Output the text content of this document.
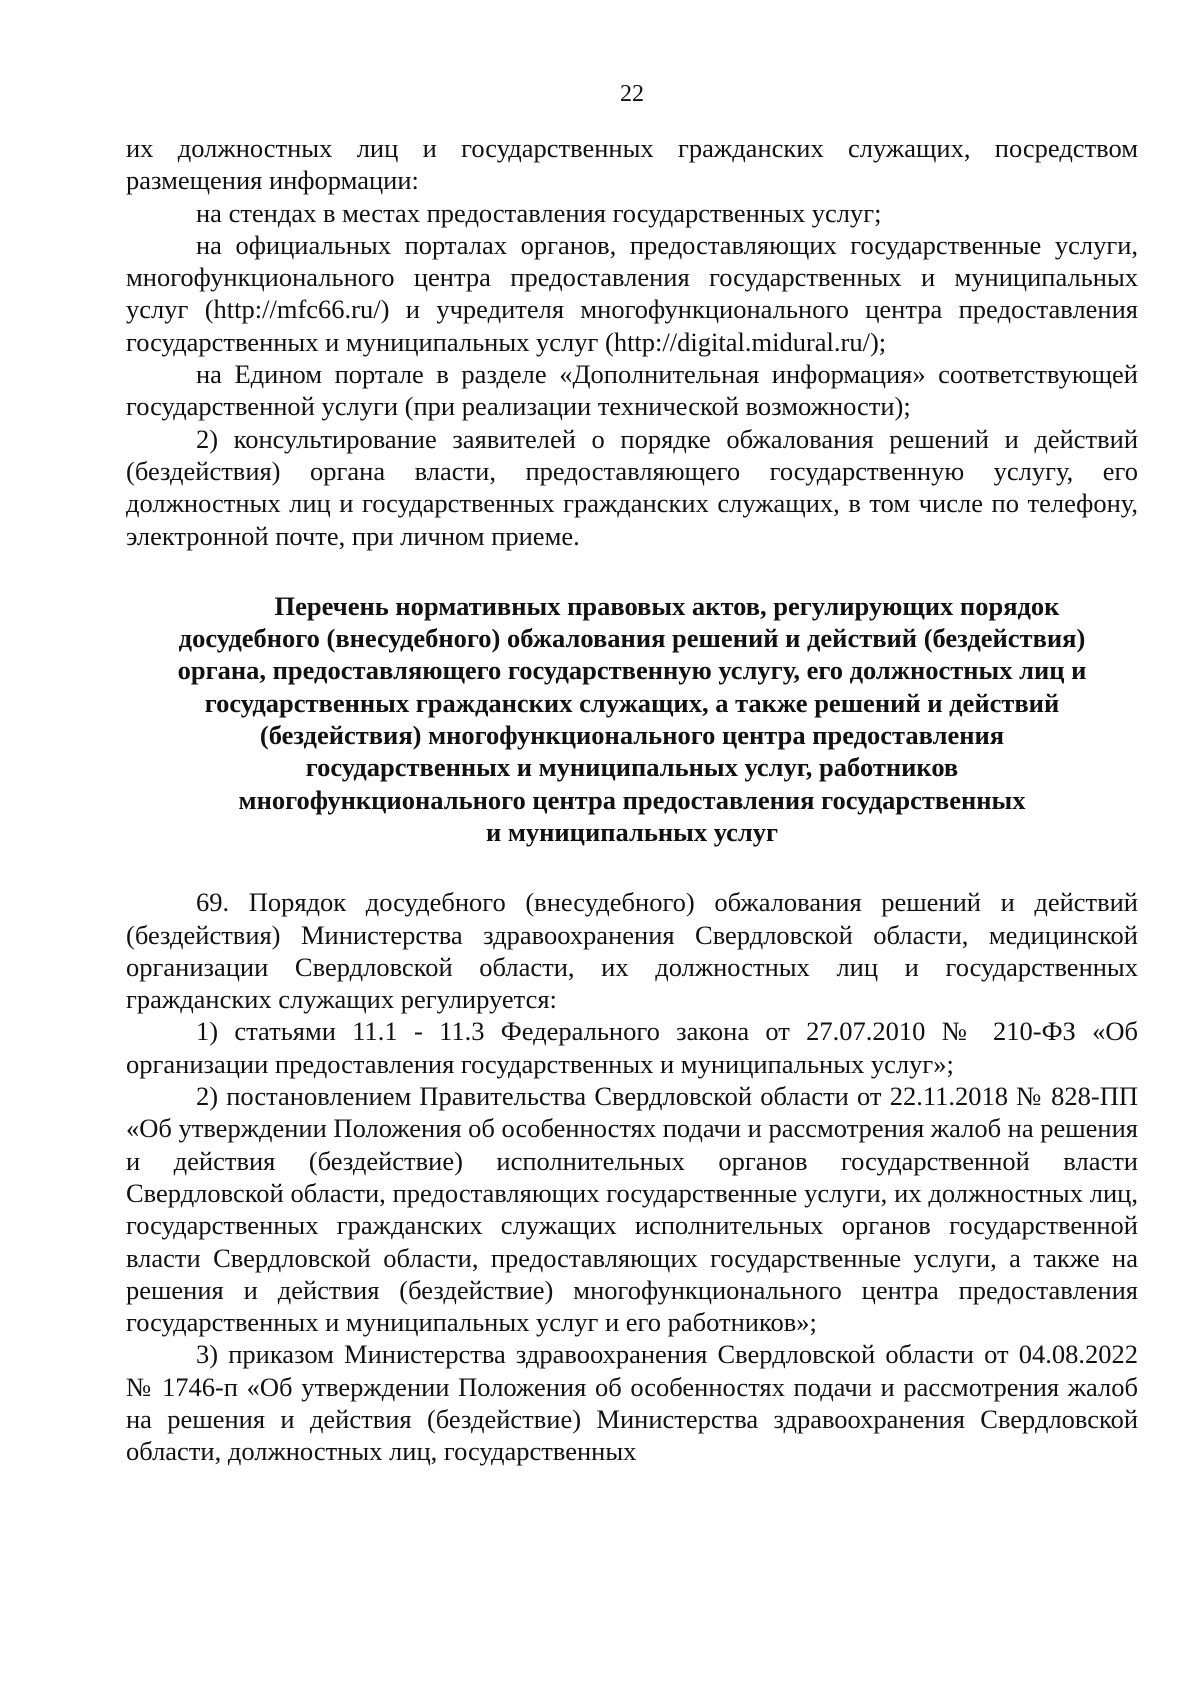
22

их должностных лиц и государственных гражданских служащих, посредством размещения информации:

на стендах в местах предоставления государственных услуг;

на официальных порталах органов, предоставляющих государственные услуги, многофункционального центра предоставления государственных и муниципальных услуг (http://mfc66.ru/) и учредителя многофункционального центра предоставления государственных и муниципальных услуг (http://digital.midural.ru/);

на Едином портале в разделе «Дополнительная информация» соответствующей государственной услуги (при реализации технической возможности);

2) консультирование заявителей о порядке обжалования решений и действий (бездействия) органа власти, предоставляющего государственную услугу, его должностных лиц и государственных гражданских служащих, в том числе по телефону, электронной почте, при личном приеме.

Перечень нормативных правовых актов, регулирующих порядок
досудебного (внесудебного) обжалования решений и действий (бездействия)
органа, предоставляющего государственную услугу, его должностных лиц и
государственных гражданских служащих, а также решений и действий
(бездействия) многофункционального центра предоставления
государственных и муниципальных услуг, работников
многофункционального центра предоставления государственных
и муниципальных услуг

69. Порядок досудебного (внесудебного) обжалования решений и действий (бездействия) Министерства здравоохранения Свердловской области, медицинской организации Свердловской области, их должностных лиц и государственных гражданских служащих регулируется:

1) статьями 11.1 - 11.3 Федерального закона от 27.07.2010 № 210-ФЗ «Об организации предоставления государственных и муниципальных услуг»;

2) постановлением Правительства Свердловской области от 22.11.2018 № 828-ПП «Об утверждении Положения об особенностях подачи и рассмотрения жалоб на решения и действия (бездействие) исполнительных органов государственной власти Свердловской области, предоставляющих государственные услуги, их должностных лиц, государственных гражданских служащих исполнительных органов государственной власти Свердловской области, предоставляющих государственные услуги, а также на решения и действия (бездействие) многофункционального центра предоставления государственных и муниципальных услуг и его работников»;

3) приказом Министерства здравоохранения Свердловской области от 04.08.2022 № 1746-п «Об утверждении Положения об особенностях подачи и рассмотрения жалоб на решения и действия (бездействие) Министерства здравоохранения Свердловской области, должностных лиц, государственных
